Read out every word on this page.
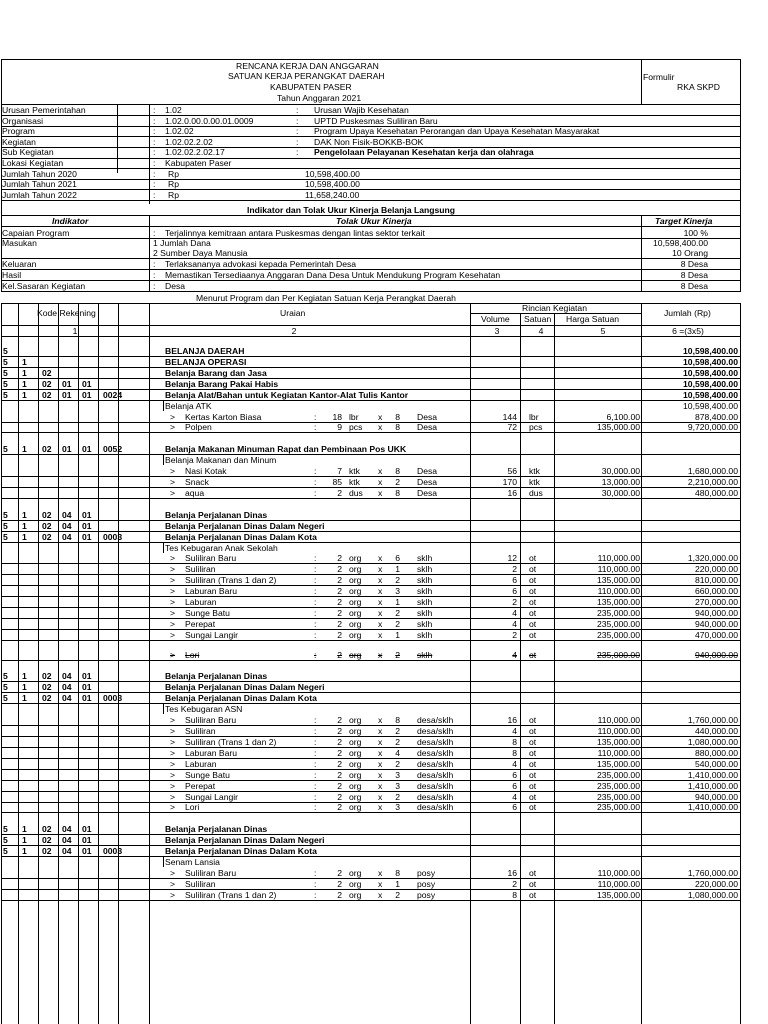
RENCANA KERJA DAN ANGGARAN
SATUAN KERJA PERANGKAT DAERAH
KABUPATEN PASER
Tahun Anggaran 2021
Formulir
RKA SKPD
Urusan Pemerintahan	: 1.02	: Urusan Wajib Kesehatan
Organisasi	: 1.02.0.00.0.00.01.0009	: UPTD Puskesmas Suliliran Baru
Program	: 1.02.02	: Program Upaya Kesehatan Perorangan dan Upaya Kesehatan Masyarakat
Kegiatan	: 1.02.02.2.02	: DAK Non Fisik-BOKKB-BOK
Sub Kegiatan	: 1.02.02.2.02.17	: Pengelolaan Pelayanan Kesehatan kerja dan olahraga
Lokasi Kegiatan	: Kabupaten Paser
Jumlah Tahun 2020	: Rp	10,598,400.00
Jumlah Tahun 2021	: Rp	10,598,400.00
Jumlah Tahun 2022	: Rp	11,658,240.00
Indikator dan Tolak Ukur Kinerja Belanja Langsung
Indikator	Tolak Ukur Kinerja	Target Kinerja
Capaian Program	: Terjalinnya kemitraan antara Puskesmas dengan lintas sektor terkait	100 %
Masukan	1 Jumlah Dana	10,598,400.00
2 Sumber Daya Manusia	10 Orang
Keluaran	: Terlaksananya advokasi kepada Pemerintah Desa	8 Desa
Hasil	: Memastikan Tersediaanya Anggaran Dana Desa Untuk Mendukung Program Kesehatan	8 Desa
Kel.Sasaran Kegiatan	: Desa	8 Desa
Menurut Program dan Per Kegiatan Satuan Kerja Perangkat Daerah
Kode Rekening	Uraian	Rincian Kegiatan	Jumlah (Rp)
Volume Satuan Harga Satuan
1	2	3	4	5	6 =(3x5)
5	BELANJA DAERAH	10,598,400.00
5 1	BELANJA OPERASI	10,598,400.00
5 1 02	Belanja Barang dan Jasa	10,598,400.00
5 1 02 01 01	Belanja Barang Pakai Habis	10,598,400.00
5 1 02 01 01 0024	Belanja Alat/Bahan untuk Kegiatan Kantor-Alat Tulis Kantor	10,598,400.00
Belanja ATK	10,598,400.00
> Kertas Karton Biasa	:	18 lbr x	8 Desa	144 lbr	6,100.00	878,400.00
> Polpen	:	9 pcs x	8 Desa	72 pcs	135,000.00	9,720,000.00
5 1 02 01 01 0052	Belanja Makanan Minuman Rapat dan Pembinaan Pos UKK
Belanja Makanan dan Minum
> Nasi Kotak	:	7 ktk x	8 Desa	56 ktk	30,000.00	1,680,000.00
> Snack	:	85 ktk x	2 Desa	170 ktk	13,000.00	2,210,000.00
> aqua	:	2 dus x	8 Desa	16 dus	30,000.00	480,000.00
5 1 02 04 01	Belanja Perjalanan Dinas
5 1 02 04 01	Belanja Perjalanan Dinas Dalam Negeri
5 1 02 04 01 0003	Belanja Perjalanan Dinas Dalam Kota
Tes Kebugaran Anak Sekolah
> Suliliran Baru	:	2 org x	6 sklh	12 ot	110,000.00	1,320,000.00
> Suliliran	:	2 org x	1 sklh	2 ot	110,000.00	220,000.00
> Suliliran (Trans 1 dan 2)	:	2 org x	2 sklh	6 ot	135,000.00	810,000.00
> Laburan Baru	:	2 org x	3 sklh	6 ot	110,000.00	660,000.00
> Laburan	:	2 org x	1 sklh	2 ot	135,000.00	270,000.00
> Sunge Batu	:	2 org x	2 sklh	4 ot	235,000.00	940,000.00
> Perepat	:	2 org x	2 sklh	4 ot	235,000.00	940,000.00
> Sungai Langir	:	2 org x	1 sklh	2 ot	235,000.00	470,000.00
> Lori	:	2 org x	2 sklh	4 ot	235,000.00	940,000.00
5 1 02 04 01	Belanja Perjalanan Dinas
5 1 02 04 01	Belanja Perjalanan Dinas Dalam Negeri
5 1 02 04 01 0003	Belanja Perjalanan Dinas Dalam Kota
Tes Kebugaran ASN
> Suliliran Baru	:	2 org x	8 desa/sklh	16 ot	110,000.00	1,760,000.00
> Suliliran	:	2 org x	2 desa/sklh	4 ot	110,000.00	440,000.00
> Suliliran (Trans 1 dan 2)	:	2 org x	2 desa/sklh	8 ot	135,000.00	1,080,000.00
> Laburan Baru	:	2 org x	4 desa/sklh	8 ot	110,000.00	880,000.00
> Laburan	:	2 org x	2 desa/sklh	4 ot	135,000.00	540,000.00
> Sunge Batu	:	2 org x	3 desa/sklh	6 ot	235,000.00	1,410,000.00
> Perepat	:	2 org x	3 desa/sklh	6 ot	235,000.00	1,410,000.00
> Sungai Langir	:	2 org x	2 desa/sklh	4 ot	235,000.00	940,000.00
> Lori	:	2 org x	3 desa/sklh	6 ot	235,000.00	1,410,000.00
5 1 02 04 01	Belanja Perjalanan Dinas
5 1 02 04 01	Belanja Perjalanan Dinas Dalam Negeri
5 1 02 04 01 0003	Belanja Perjalanan Dinas Dalam Kota
Senam Lansia
> Suliliran Baru	:	2 org x	8 posy	16 ot	110,000.00	1,760,000.00
> Suliliran	:	2 org x	1 posy	2 ot	110,000.00	220,000.00
> Suliliran (Trans 1 dan 2)	:	2 org x	2 posy	8 ot	135,000.00	1,080,000.00
